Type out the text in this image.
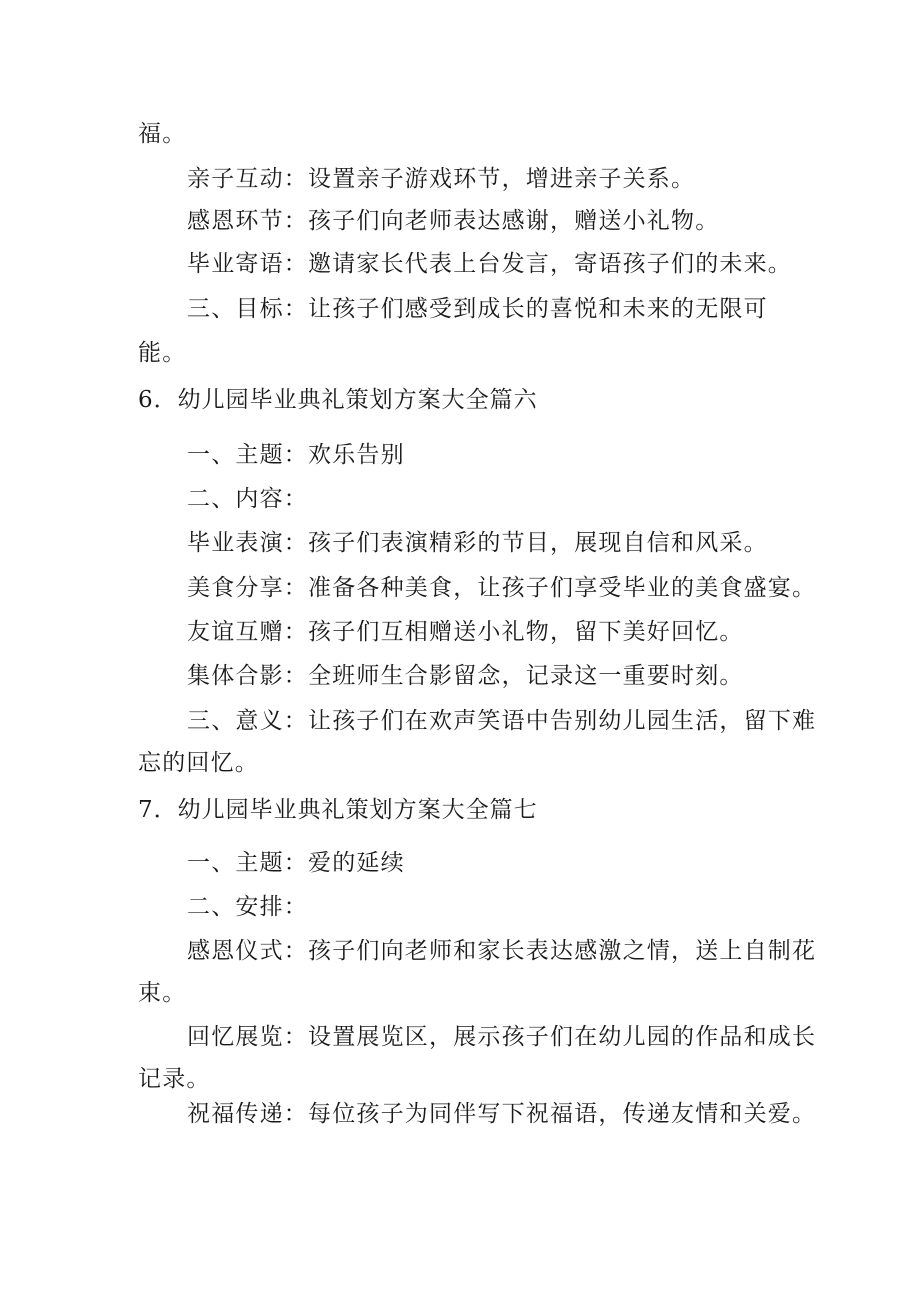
福。
亲子互动：设置亲子游戏环节，增进亲子关系。
感恩环节：孩子们向老师表达感谢，赠送小礼物。
毕业寄语：邀请家长代表上台发言，寄语孩子们的未来。
三、目标：让孩子们感受到成长的喜悦和未来的无限可
能。
6．幼儿园毕业典礼策划方案大全篇六
一、主题：欢乐告别
二、内容：
毕业表演：孩子们表演精彩的节目，展现自信和风采。
美食分享：准备各种美食，让孩子们享受毕业的美食盛宴。
友谊互赠：孩子们互相赠送小礼物，留下美好回忆。
集体合影：全班师生合影留念，记录这一重要时刻。
三、意义：让孩子们在欢声笑语中告别幼儿园生活，留下难
忘的回忆。
7．幼儿园毕业典礼策划方案大全篇七
一、主题：爱的延续
二、安排：
感恩仪式：孩子们向老师和家长表达感激之情，送上自制花
束。
回忆展览：设置展览区，展示孩子们在幼儿园的作品和成长
记录。
祝福传递：每位孩子为同伴写下祝福语，传递友情和关爱。
